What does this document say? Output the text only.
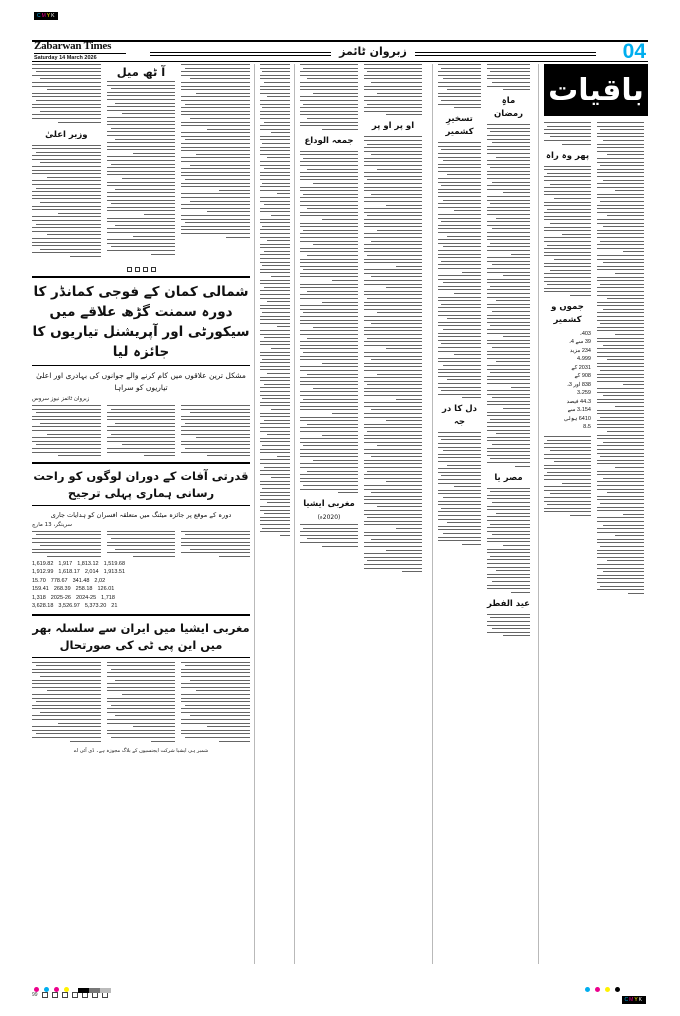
CMYK
CMYK
Zabarwan Times
Saturday 14 March 2026	زبروان ٹائمز	04
وزیر اعلیٰ
آ ٹھ میل
شمالی کمان کے فوجی کمانڈر کا دورہ سمنت گڑھ علاقے میں سیکورٹی اور آپریشنل تیاریوں کا جائزہ لیا
مشکل ترین علاقوں میں کام کرنے والے جوانوں کی بہادری اور اعلیٰ تیاریوں کو سراہا
زبروان ٹائمز نیوز سروس
قدرتی آفات کے دوران لوگوں کو راحت رسانی ہماری پہلی ترجیح
دورہ کے موقع پر جائزہ میٹنگ میں متعلقہ افسران کو ہدایات جاری
سرینگر، 13 مارچ
1,619.82 1,917 1,813.12 1,519.68
1,912.99 1,618.17 2,014 1,913.51
15.70 778.67 341.48 2,02
159.41 268.39 258.18 126.01
1,318 2025-26 2024-25 1,718
3,628.18 3,526.97 5,373.20 21
مغربی ایشیا میں ایران سے سلسلہ بھر میں این پی ٹی کی صورتحال
شمبر ہی ایشیا شرکت ایجنسیوں کے بلاگ مجوزہ ہے۔ ڈی آئی اے
جمعہ الوداع
مغربی ایشیا
(2020ء)
او پر او پر
تسخیرِ کشمیر
دل کا در جہ
ماہِ رمضان
مصر یا
عید الفطر
باقیات
پھر وہ راہ
جموں و کشمیر
403،
39 سے 4،
234 مزید
4،999
2031 کے
908 کے
838 اور 3،
3،259
44،3 فیصد
3،154 سے
6410 ہوئی
8،5
99
